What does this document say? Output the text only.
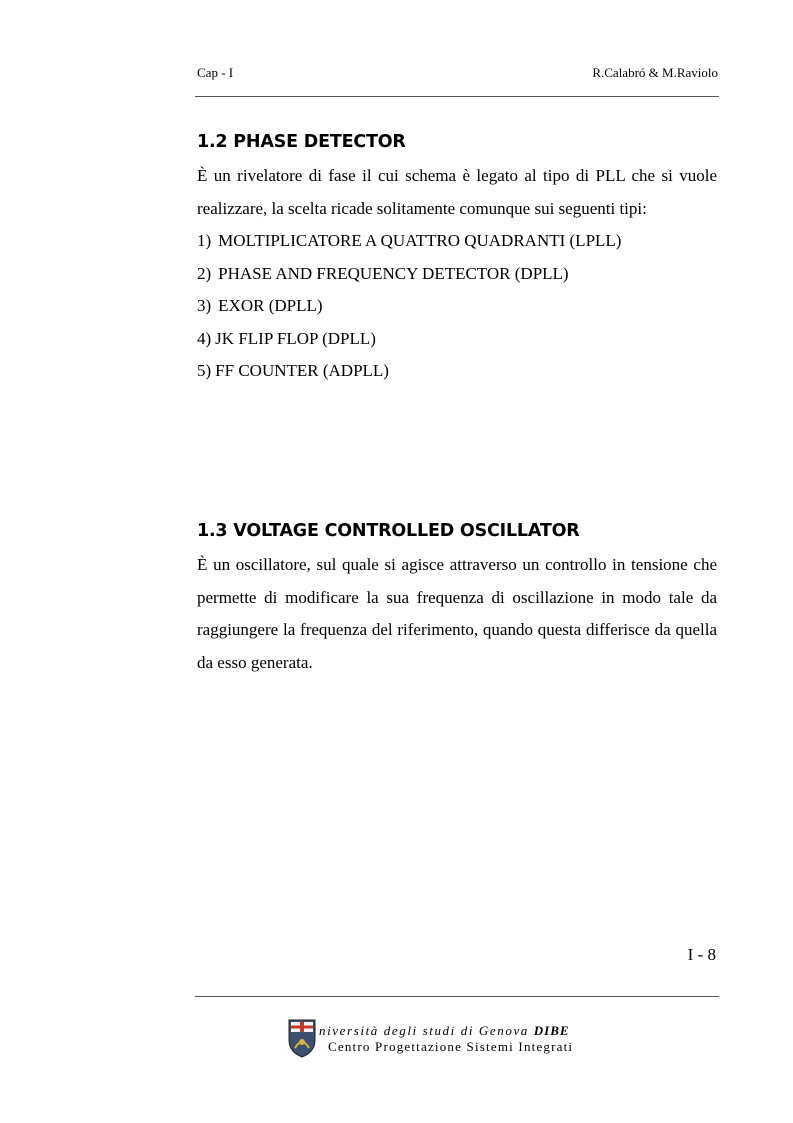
Cap - I	R.Calabró & M.Raviolo
1.2 PHASE DETECTOR

È un rivelatore di fase il cui schema è legato al tipo di PLL che si vuole realizzare, la scelta ricade solitamente comunque sui seguenti tipi:

1) MOLTIPLICATORE A QUATTRO QUADRANTI (LPLL)
2) PHASE AND FREQUENCY DETECTOR (DPLL)
3) EXOR (DPLL)
4) JK FLIP FLOP (DPLL)
5) FF COUNTER (ADPLL)
1.3 VOLTAGE CONTROLLED OSCILLATOR

È un oscillatore, sul quale si agisce attraverso un controllo in tensione che permette di modificare la sua frequenza di oscillazione in modo tale da raggiungere la frequenza del riferimento, quando questa differisce da quella da esso generata.

I - 8
niversità degli studi di Genova DIBE
Centro Progettazione Sistemi Integrati
